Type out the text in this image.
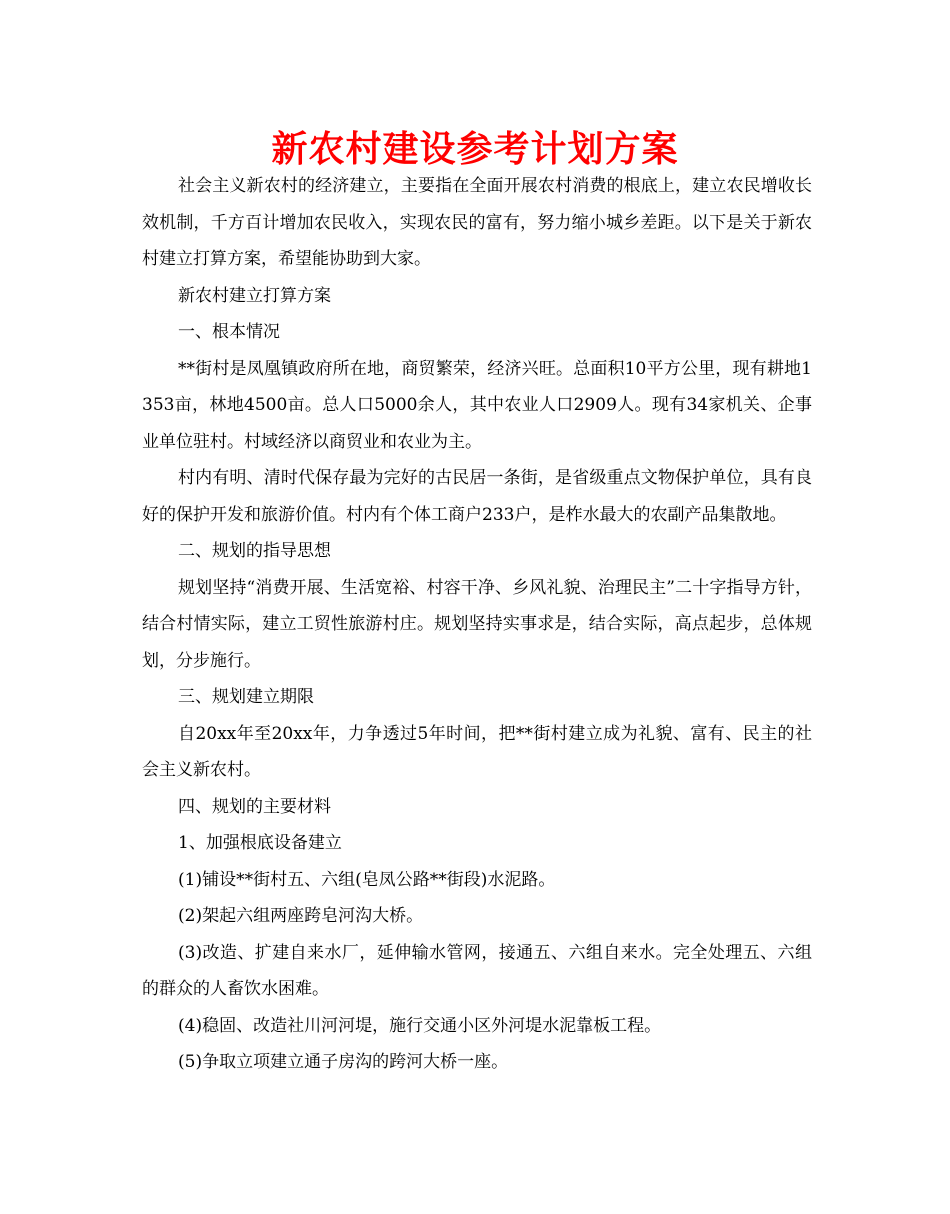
新农村建设参考计划方案

社会主义新农村的经济建立，主要指在全面开展农村消费的根底上，建立农民增收长效机制，千方百计增加农民收入，实现农民的富有，努力缩小城乡差距。以下是关于新农村建立打算方案，希望能协助到大家。

新农村建立打算方案

一、根本情况

**街村是凤凰镇政府所在地，商贸繁荣，经济兴旺。总面积10平方公里，现有耕地1353亩，林地4500亩。总人口5000余人，其中农业人口2909人。现有34家机关、企事业单位驻村。村域经济以商贸业和农业为主。

村内有明、清时代保存最为完好的古民居一条街，是省级重点文物保护单位，具有良好的保护开发和旅游价值。村内有个体工商户233户，是柞水最大的农副产品集散地。

二、规划的指导思想

规划坚持“消费开展、生活宽裕、村容干净、乡风礼貌、治理民主”二十字指导方针，结合村情实际，建立工贸性旅游村庄。规划坚持实事求是，结合实际，高点起步，总体规划，分步施行。

三、规划建立期限

自20xx年至20xx年，力争透过5年时间，把**街村建立成为礼貌、富有、民主的社会主义新农村。

四、规划的主要材料

1、加强根底设备建立

(1)铺设**街村五、六组(皂凤公路**街段)水泥路。

(2)架起六组两座跨皂河沟大桥。

(3)改造、扩建自来水厂，延伸输水管网，接通五、六组自来水。完全处理五、六组的群众的人畜饮水困难。

(4)稳固、改造社川河河堤，施行交通小区外河堤水泥靠板工程。

(5)争取立项建立通子房沟的跨河大桥一座。
